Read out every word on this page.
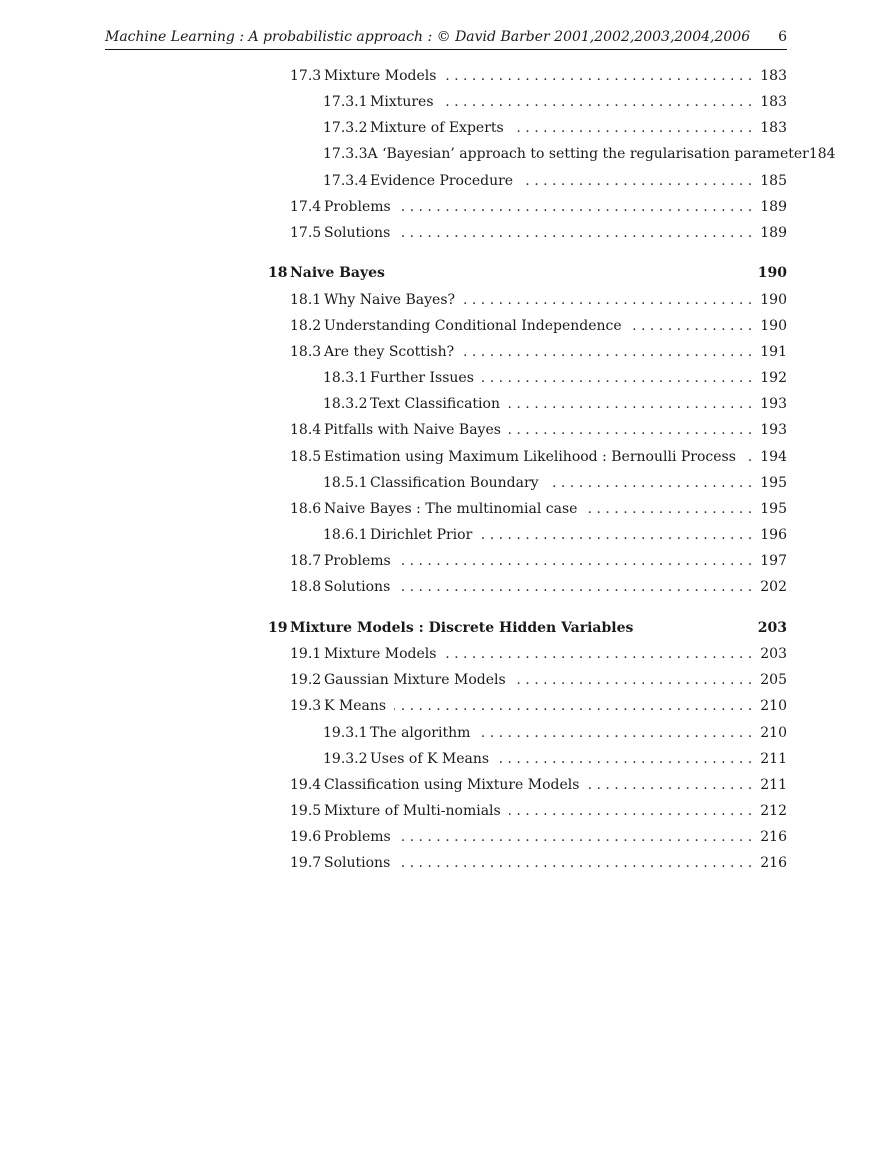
Machine Learning : A probabilistic approach : © David Barber 2001,2002,2003,2004,2006 6
17.3 Mixture Models . . .	183
17.3.1 Mixtures . . .	183
17.3.2 Mixture of Experts . . .	183
17.3.3 A ‘Bayesian’ approach to setting the regularisation parameter 184
17.3.4 Evidence Procedure . . .	185
17.4 Problems . . .	189
17.5 Solutions . . .	189
18 Naive Bayes	190
18.1 Why Naive Bayes? . . .	190
18.2 Understanding Conditional Independence . . .	190
18.3 Are they Scottish? . . .	191
18.3.1 Further Issues . . .	192
18.3.2 Text Classification . . .	193
18.4 Pitfalls with Naive Bayes . . .	193
18.5 Estimation using Maximum Likelihood : Bernoulli Process . . . 194
18.5.1 Classification Boundary . . .	195
18.6 Naive Bayes : The multinomial case . . .	195
18.6.1 Dirichlet Prior . . .	196
18.7 Problems . . .	197
18.8 Solutions . . .	202
19 Mixture Models : Discrete Hidden Variables	203
19.1 Mixture Models . . .	203
19.2 Gaussian Mixture Models . . .	205
19.3 K Means . . .	210
19.3.1 The algorithm . . .	210
19.3.2 Uses of K Means . . .	211
19.4 Classification using Mixture Models . . .	211
19.5 Mixture of Multi-nomials . . .	212
19.6 Problems . . .	216
19.7 Solutions . . .	216
